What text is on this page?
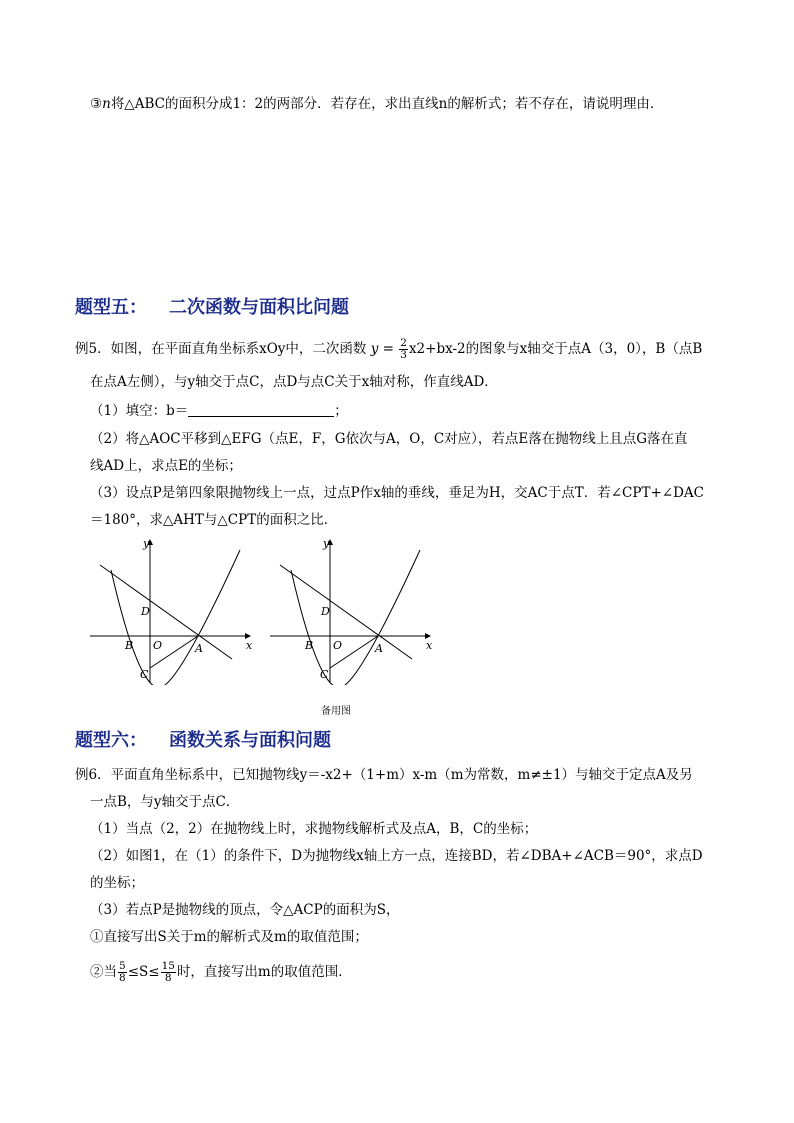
③n将△ABC的面积分成1：2的两部分．若存在，求出直线n的解析式；若不存在，请说明理由．
题型五： 二次函数与面积比问题
例5．如图，在平面直角坐标系xOy中，二次函数 $y = \frac{2}{3} x2+bx-2$的图象与x轴交于点A（3，0），B（点B
在点A左侧），与y轴交于点C，点D与点C关于x轴对称，作直线AD．
（1）填空：b＝	；
（2）将△AOC平移到△EFG（点E，F，G依次与A，O，C对应），若点E落在抛物线上且点G落在直
线AD上，求点E的坐标；
（3）设点P是第四象限抛物线上一点，过点P作x轴的垂线，垂足为H，交AC于点T．若∠CPT+∠DAC
＝180°，求△AHT与△CPT的面积之比．
y
x
O	A
B
C
D
y
x
O	A
B
C
D
备用图
题型六： 函数关系与面积问题
例6．平面直角坐标系中，已知抛物线y＝-x2+（1+m）x-m（m为常数，m≠±1）与轴交于定点A及另
一点B，与y轴交于点C．
（1）当点（2，2）在抛物线上时，求抛物线解析式及点A，B，C的坐标；
（2）如图1，在（1）的条件下，D为抛物线x轴上方一点，连接BD，若∠DBA+∠ACB＝90°，求点D
的坐标；
（3）若点P是抛物线的顶点，令△ACP的面积为S，
①直接写出S关于m的解析式及m的取值范围；
②当 $\frac{5}{8} \le S\le \frac{15}{8}$ 时，直接写出m的取值范围．
